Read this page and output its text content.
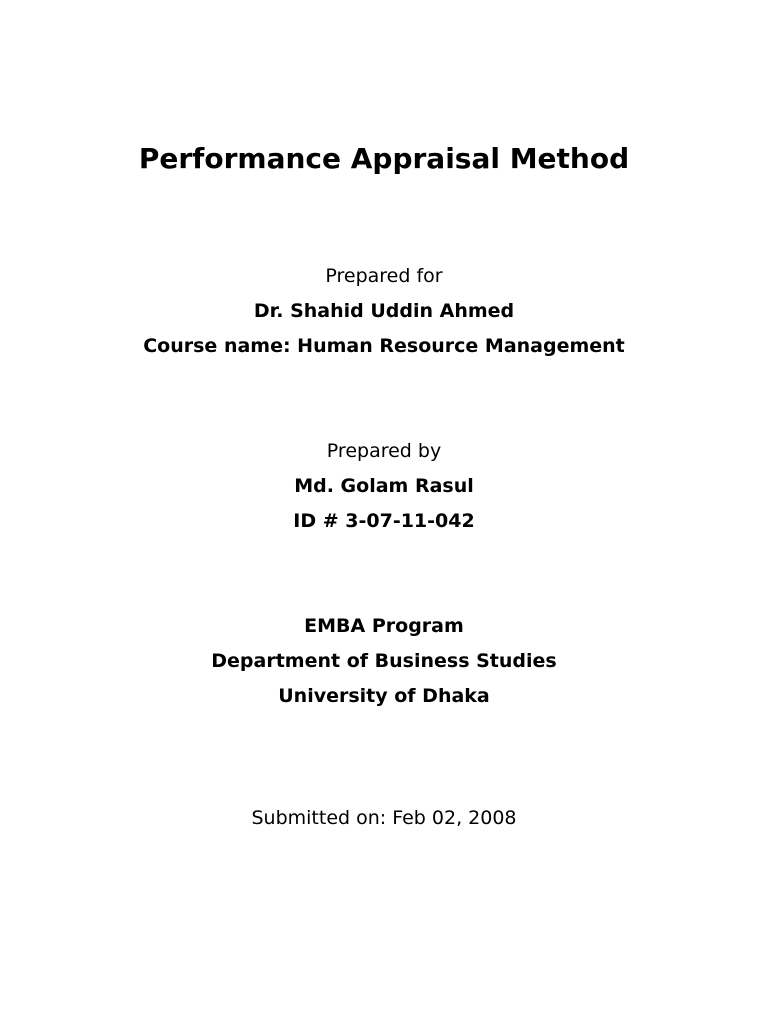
Performance Appraisal Method
Prepared for
Dr. Shahid Uddin Ahmed
Course name: Human Resource Management
Prepared by
Md. Golam Rasul
ID # 3-07-11-042
EMBA Program
Department of Business Studies
University of Dhaka
Submitted on: Feb 02, 2008
